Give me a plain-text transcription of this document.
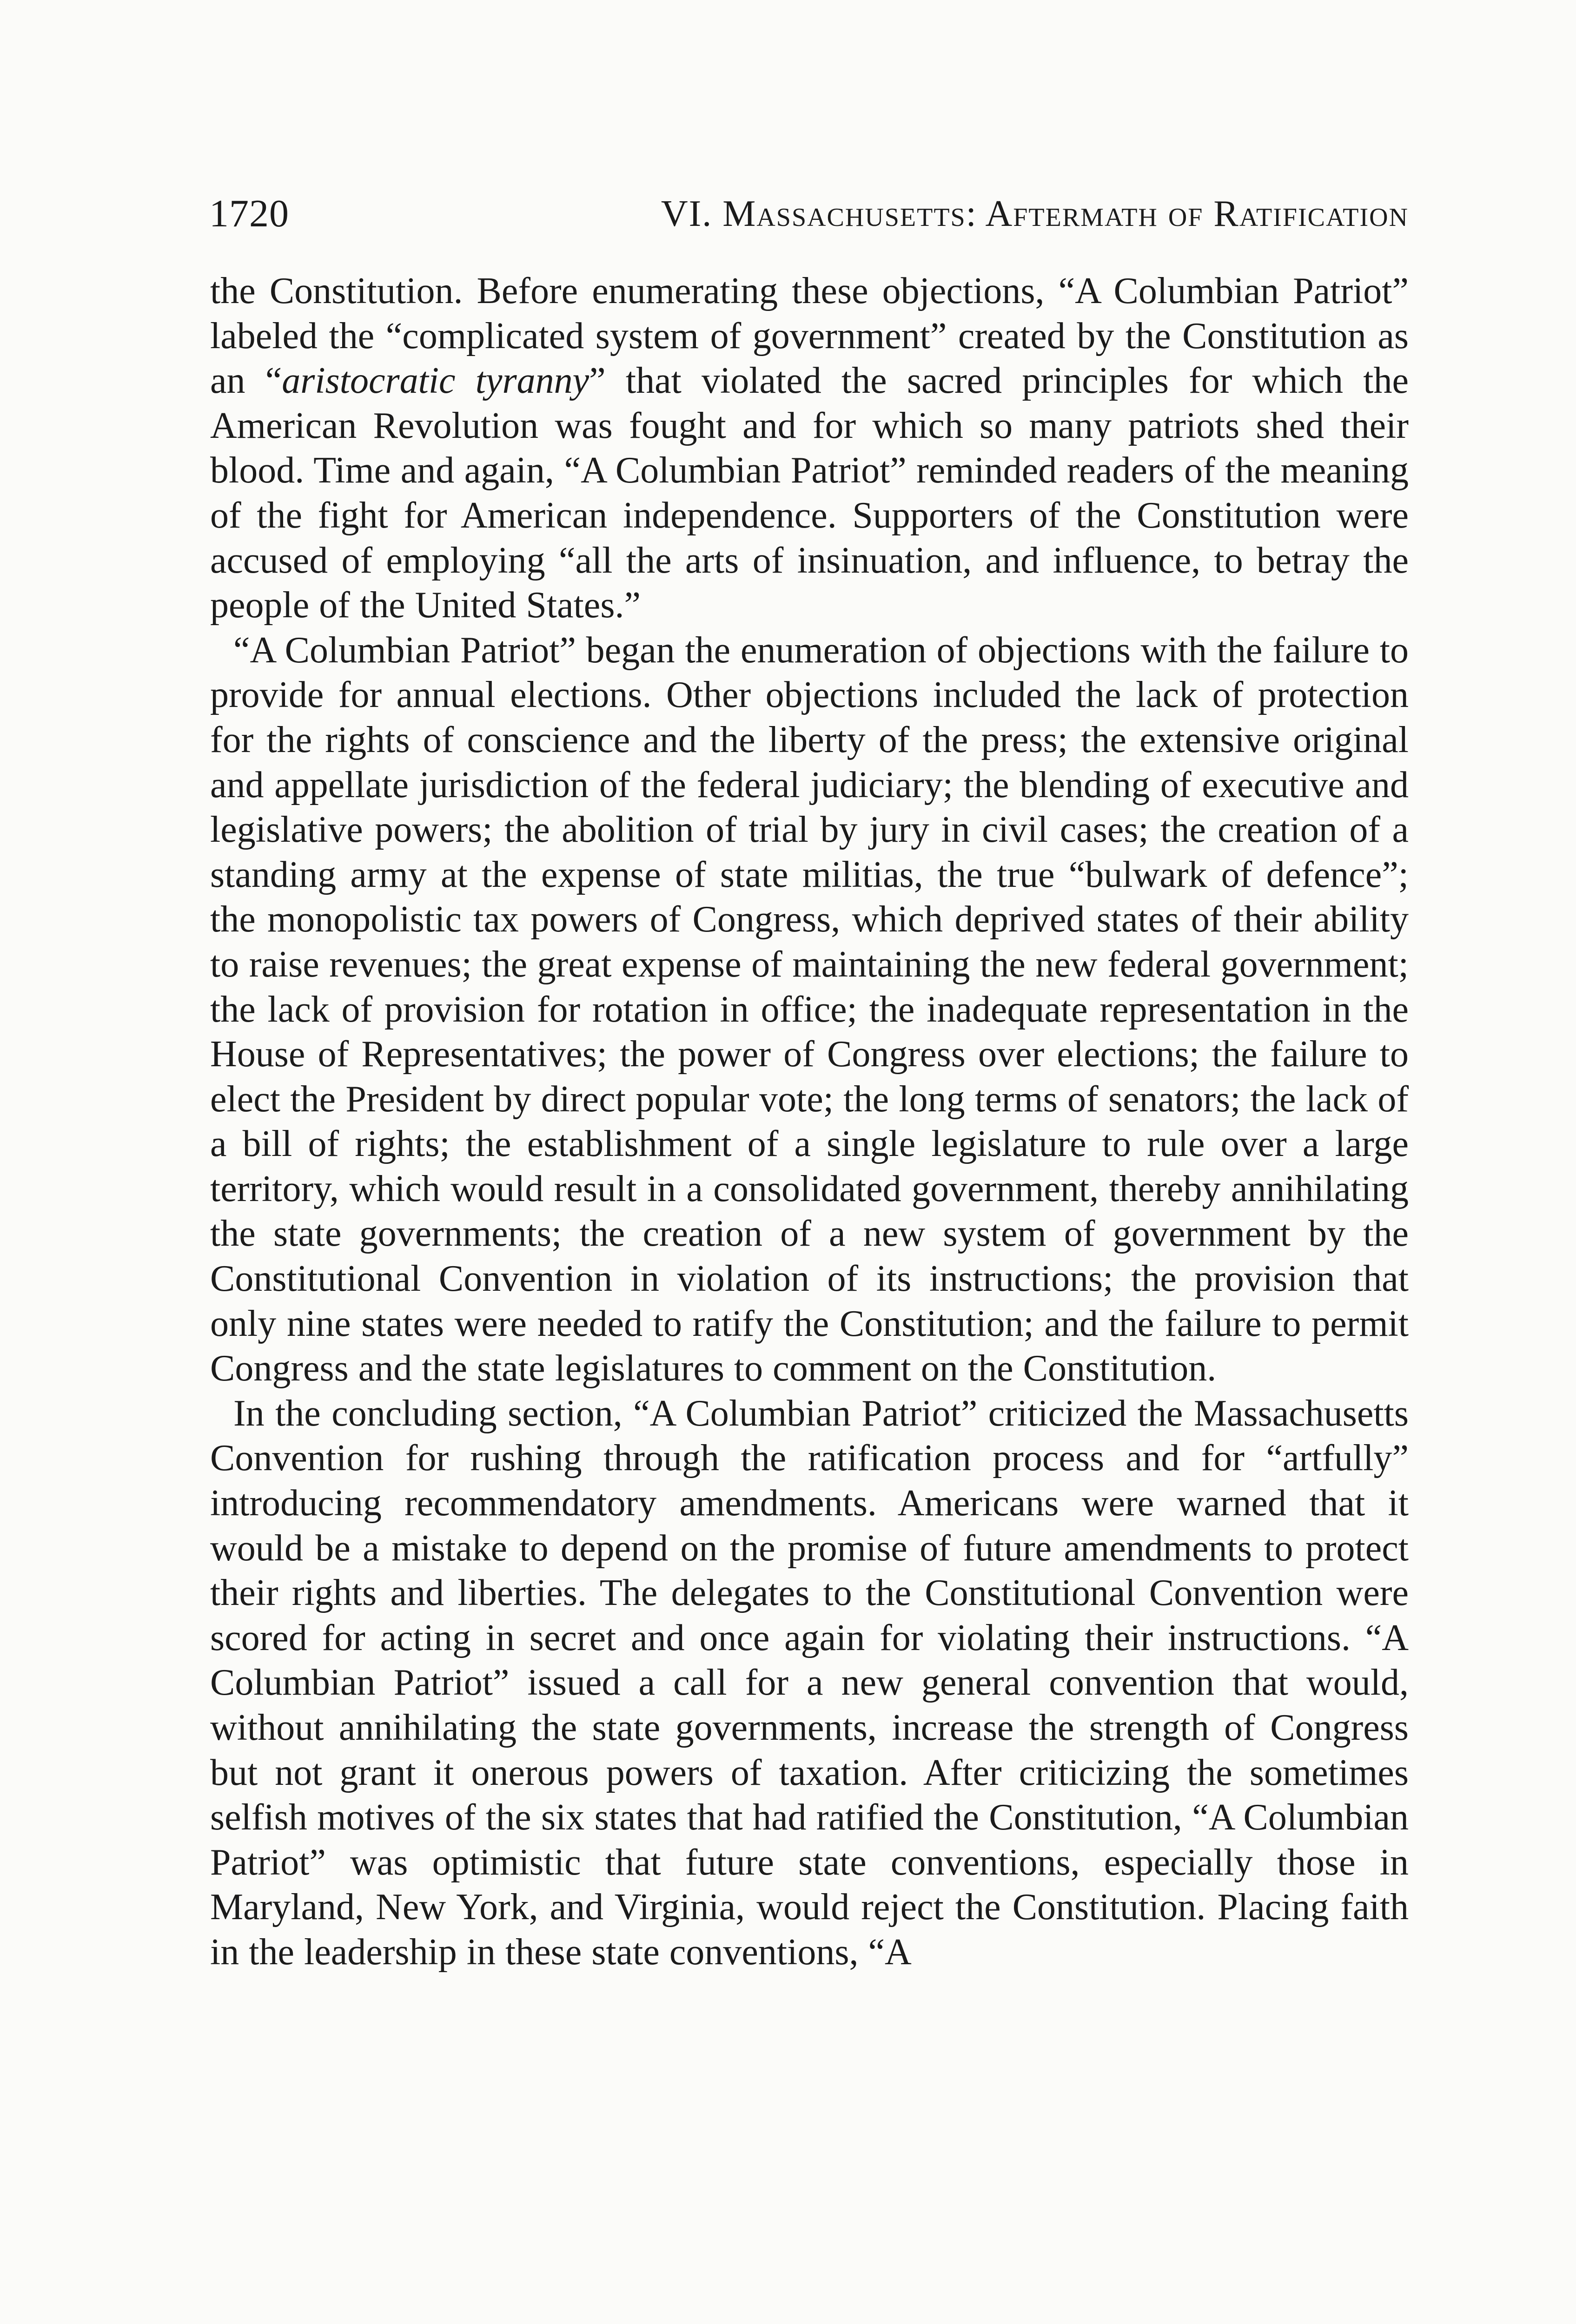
1720	VI. Massachusetts: Aftermath of Ratification

the Constitution. Before enumerating these objections, “A Columbian Patriot” labeled the “complicated system of government” created by the Constitution as an “aristocratic tyranny” that violated the sacred principles for which the American Revolution was fought and for which so many patriots shed their blood. Time and again, “A Columbian Patriot” reminded readers of the meaning of the fight for American independence. Supporters of the Constitution were accused of employing “all the arts of insinuation, and influence, to betray the people of the United States.”

“A Columbian Patriot” began the enumeration of objections with the failure to provide for annual elections. Other objections included the lack of protection for the rights of conscience and the liberty of the press; the extensive original and appellate jurisdiction of the federal judiciary; the blending of executive and legislative powers; the abolition of trial by jury in civil cases; the creation of a standing army at the expense of state militias, the true “bulwark of defence”; the monopolistic tax powers of Congress, which deprived states of their ability to raise revenues; the great expense of maintaining the new federal government; the lack of provision for rotation in office; the inadequate representation in the House of Representatives; the power of Congress over elections; the failure to elect the President by direct popular vote; the long terms of senators; the lack of a bill of rights; the establishment of a single legislature to rule over a large territory, which would result in a consolidated government, thereby annihilating the state governments; the creation of a new system of government by the Constitutional Convention in violation of its instructions; the provision that only nine states were needed to ratify the Constitution; and the failure to permit Congress and the state legislatures to comment on the Constitution.

In the concluding section, “A Columbian Patriot” criticized the Massachusetts Convention for rushing through the ratification process and for “artfully” introducing recommendatory amendments. Americans were warned that it would be a mistake to depend on the promise of future amendments to protect their rights and liberties. The delegates to the Constitutional Convention were scored for acting in secret and once again for violating their instructions. “A Columbian Patriot” issued a call for a new general convention that would, without annihilating the state governments, increase the strength of Congress but not grant it onerous powers of taxation. After criticizing the sometimes selfish motives of the six states that had ratified the Constitution, “A Columbian Patriot” was optimistic that future state conventions, especially those in Maryland, New York, and Virginia, would reject the Constitution. Placing faith in the leadership in these state conventions, “A
